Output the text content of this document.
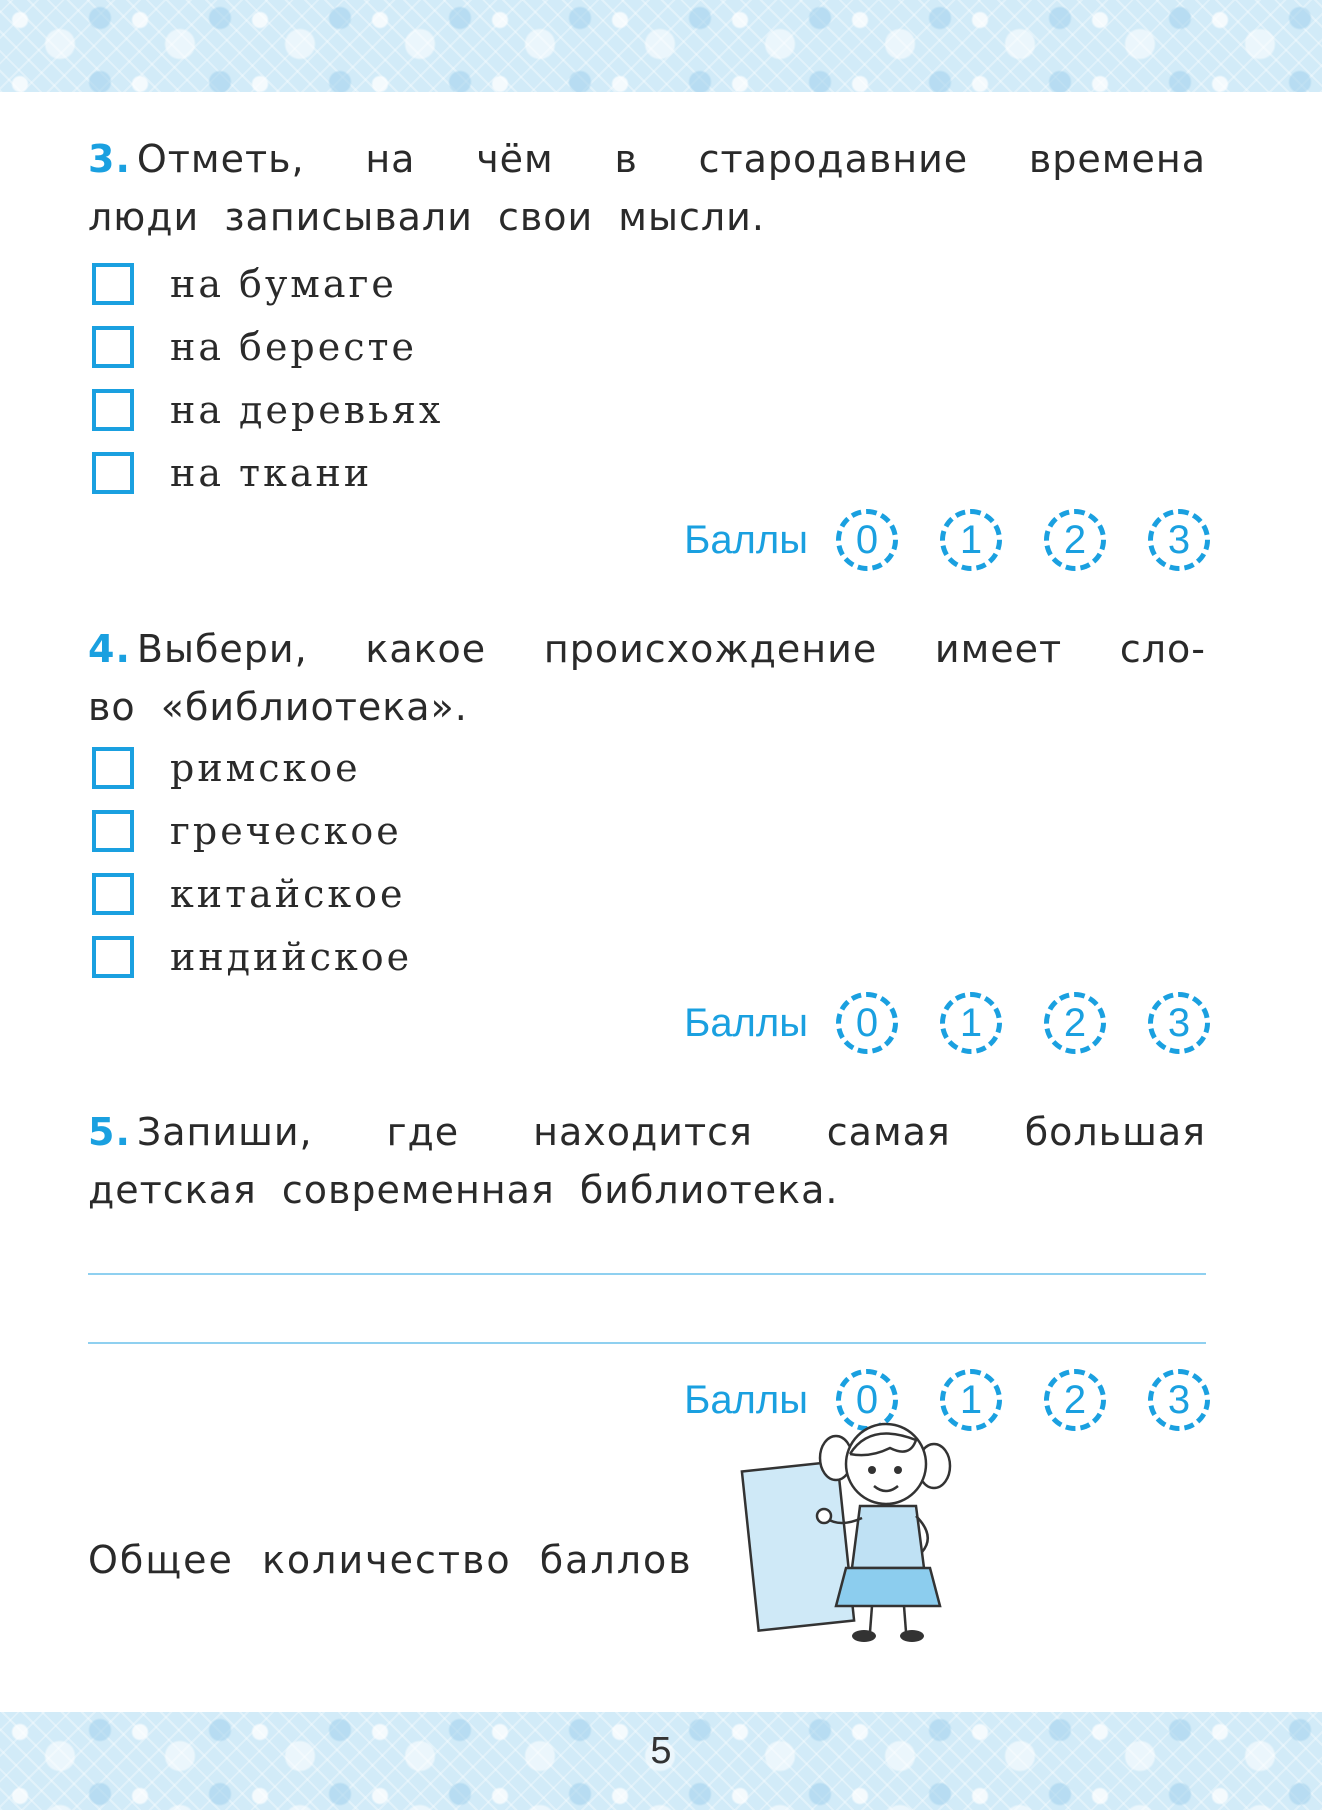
3. Отметь, на чём в стародавние времена

люди записывали свои мысли.

на бумаге
на бересте
на деревьях
на ткани
Баллы	0	1	2	3

4. Выбери, какое происхождение имеет сло-

во «библиотека».

римское
греческое
китайское
индийское
Баллы	0	1	2	3

5. Запиши, где находится самая большая

детская современная библиотека.

Баллы	0	1	2	3
Общее количество баллов
5
